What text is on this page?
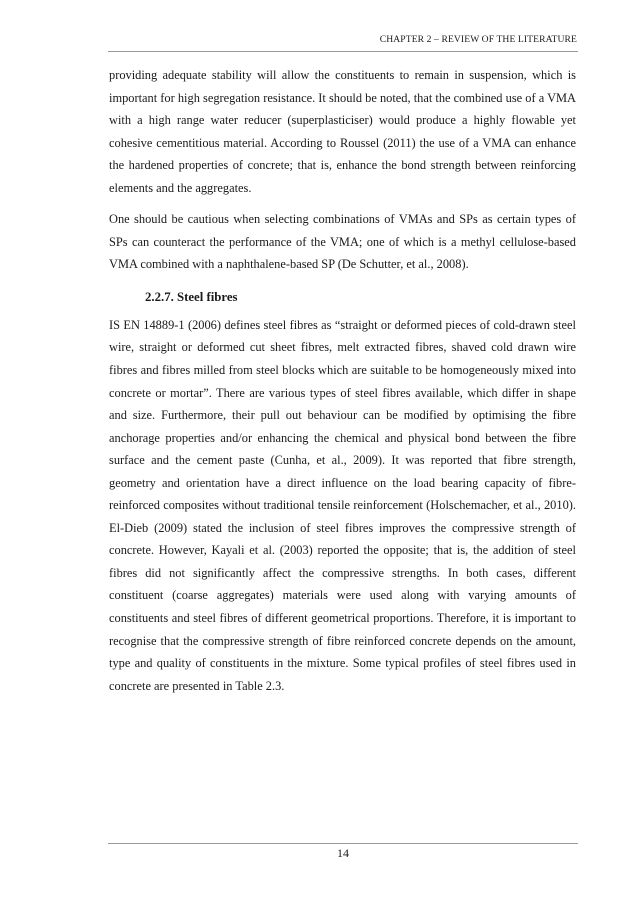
CHAPTER 2 – REVIEW OF THE LITERATURE

providing adequate stability will allow the constituents to remain in suspension, which is important for high segregation resistance. It should be noted, that the combined use of a VMA with a high range water reducer (superplasticiser) would produce a highly flowable yet cohesive cementitious material. According to Roussel (2011) the use of a VMA can enhance the hardened properties of concrete; that is, enhance the bond strength between reinforcing elements and the aggregates.

One should be cautious when selecting combinations of VMAs and SPs as certain types of SPs can counteract the performance of the VMA; one of which is a methyl cellulose-based VMA combined with a naphthalene-based SP (De Schutter, et al., 2008).

2.2.7. Steel fibres

IS EN 14889-1 (2006) defines steel fibres as “straight or deformed pieces of cold-drawn steel wire, straight or deformed cut sheet fibres, melt extracted fibres, shaved cold drawn wire fibres and fibres milled from steel blocks which are suitable to be homogeneously mixed into concrete or mortar”. There are various types of steel fibres available, which differ in shape and size. Furthermore, their pull out behaviour can be modified by optimising the fibre anchorage properties and/or enhancing the chemical and physical bond between the fibre surface and the cement paste (Cunha, et al., 2009). It was reported that fibre strength, geometry and orientation have a direct influence on the load bearing capacity of fibre-reinforced composites without traditional tensile reinforcement (Holschemacher, et al., 2010). El-Dieb (2009) stated the inclusion of steel fibres improves the compressive strength of concrete. However, Kayali et al. (2003) reported the opposite; that is, the addition of steel fibres did not significantly affect the compressive strengths. In both cases, different constituent (coarse aggregates) materials were used along with varying amounts of constituents and steel fibres of different geometrical proportions. Therefore, it is important to recognise that the compressive strength of fibre reinforced concrete depends on the amount, type and quality of constituents in the mixture. Some typical profiles of steel fibres used in concrete are presented in Table 2.3.

14
